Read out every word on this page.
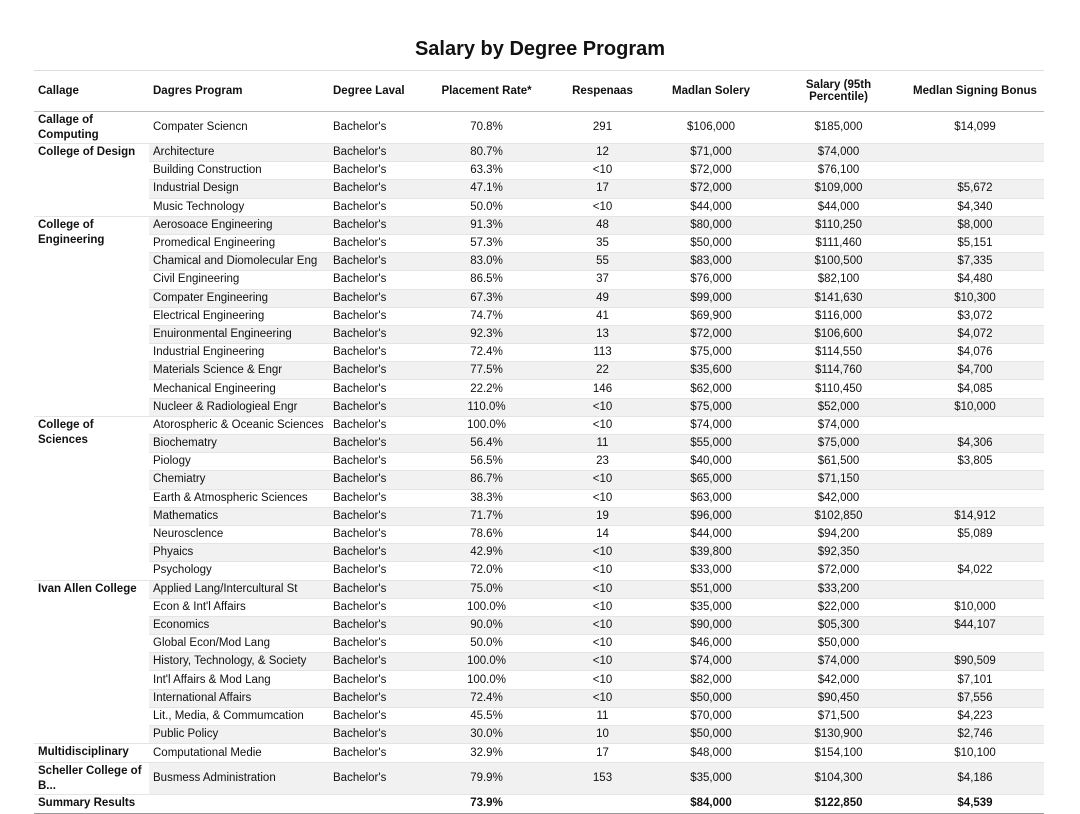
Salary by Degree Program
Callage	Dagres Program	Degree Laval	Placement Rate*	Respenaas	Madlan Solery	Salary (95th Percentile)	Medlan Signing Bonus
Callage of Computing	Compater Sciencn	Bachelor's	70.8%	291	$106,000	$185,000	$14,099
College of Design	Architecture	Bachelor's	80.7%	12	$71,000	$74,000	
	Building Construction	Bachelor's	63.3%	<10	$72,000	$76,100	
	Industrial Design	Bachelor's	47.1%	17	$72,000	$109,000	$5,672
	Music Technology	Bachelor's	50.0%	<10	$44,000	$44,000	$4,340
College of Engineering	Aerosoace Engineering	Bachelor's	91.3%	48	$80,000	$110,250	$8,000
	Promedical Engineering	Bachelor's	57.3%	35	$50,000	$111,460	$5,151
	Chamical and Diomolecular Eng	Bachelor's	83.0%	55	$83,000	$100,500	$7,335
	Civil Engineering	Bachelor's	86.5%	37	$76,000	$82,100	$4,480
	Compater Engineering	Bachelor's	67.3%	49	$99,000	$141,630	$10,300
	Electrical Engineering	Bachelor's	74.7%	41	$69,900	$116,000	$3,072
	Enuironmental Engineering	Bachelor's	92.3%	13	$72,000	$106,600	$4,072
	Industrial Engineering	Bachelor's	72.4%	113	$75,000	$114,550	$4,076
	Materials Science & Engr	Bachelor's	77.5%	22	$35,600	$114,760	$4,700
	Mechanical Engineering	Bachelor's	22.2%	146	$62,000	$110,450	$4,085
	Nucleer & Radiologieal Engr	Bachelor's	110.0%	<10	$75,000	$52,000	$10,000
College of Sciences	Atorospheric & Oceanic Sciences	Bachelor's	100.0%	<10	$74,000	$74,000	
	Biochematry	Bachelor's	56.4%	11	$55,000	$75,000	$4,306
	Piology	Bachelor's	56.5%	23	$40,000	$61,500	$3,805
	Chemiatry	Bachelor's	86.7%	<10	$65,000	$71,150	
	Earth & Atmospheric Sciences	Bachelor's	38.3%	<10	$63,000	$42,000	
	Mathematics	Bachelor's	71.7%	19	$96,000	$102,850	$14,912
	Neurosclence	Bachelor's	78.6%	14	$44,000	$94,200	$5,089
	Phyaics	Bachelor's	42.9%	<10	$39,800	$92,350	
	Psychology	Bachelor's	72.0%	<10	$33,000	$72,000	$4,022
Ivan Allen College	Applied Lang/Intercultural St	Bachelor's	75.0%	<10	$51,000	$33,200	
	Econ & Int'l Affairs	Bachelor's	100.0%	<10	$35,000	$22,000	$10,000
	Economics	Bachelor's	90.0%	<10	$90,000	$05,300	$44,107
	Global Econ/Mod Lang	Bachelor's	50.0%	<10	$46,000	$50,000	
	History, Technology, & Society	Bachelor's	100.0%	<10	$74,000	$74,000	$90,509
	Int'l Affairs & Mod Lang	Bachelor's	100.0%	<10	$82,000	$42,000	$7,101
	International Affairs	Bachelor's	72.4%	<10	$50,000	$90,450	$7,556
	Lit., Media, & Commumcation	Bachelor's	45.5%	11	$70,000	$71,500	$4,223
	Public Policy	Bachelor's	30.0%	10	$50,000	$130,900	$2,746
Multidisciplinary	Computational Medie	Bachelor's	32.9%	17	$48,000	$154,100	$10,100
Scheller College of B...	Busmess Administration	Bachelor's	79.9%	153	$35,000	$104,300	$4,186
Summary Results			73.9%		$84,000	$122,850	$4,539
